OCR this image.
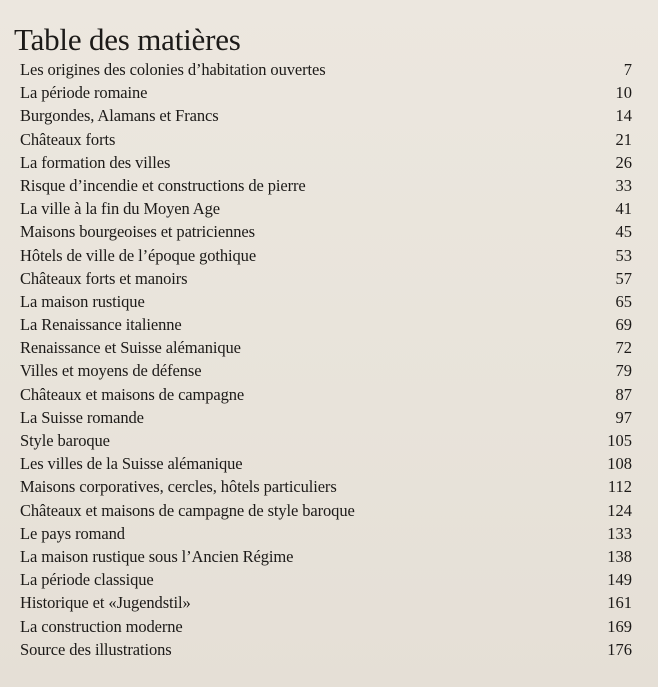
Table des matières
Les origines des colonies d’habitation ouvertes	7
La période romaine	10
Burgondes, Alamans et Francs	14
Châteaux forts	21
La formation des villes	26
Risque d’incendie et constructions de pierre	33
La ville à la fin du Moyen Age	41
Maisons bourgeoises et patriciennes	45
Hôtels de ville de l’époque gothique	53
Châteaux forts et manoirs	57
La maison rustique	65
La Renaissance italienne	69
Renaissance et Suisse alémanique	72
Villes et moyens de défense	79
Châteaux et maisons de campagne	87
La Suisse romande	97
Style baroque	105
Les villes de la Suisse alémanique	108
Maisons corporatives, cercles, hôtels particuliers	112
Châteaux et maisons de campagne de style baroque	124
Le pays romand	133
La maison rustique sous l’Ancien Régime	138
La période classique	149
Historique et «Jugendstil»	161
La construction moderne	169
Source des illustrations	176
